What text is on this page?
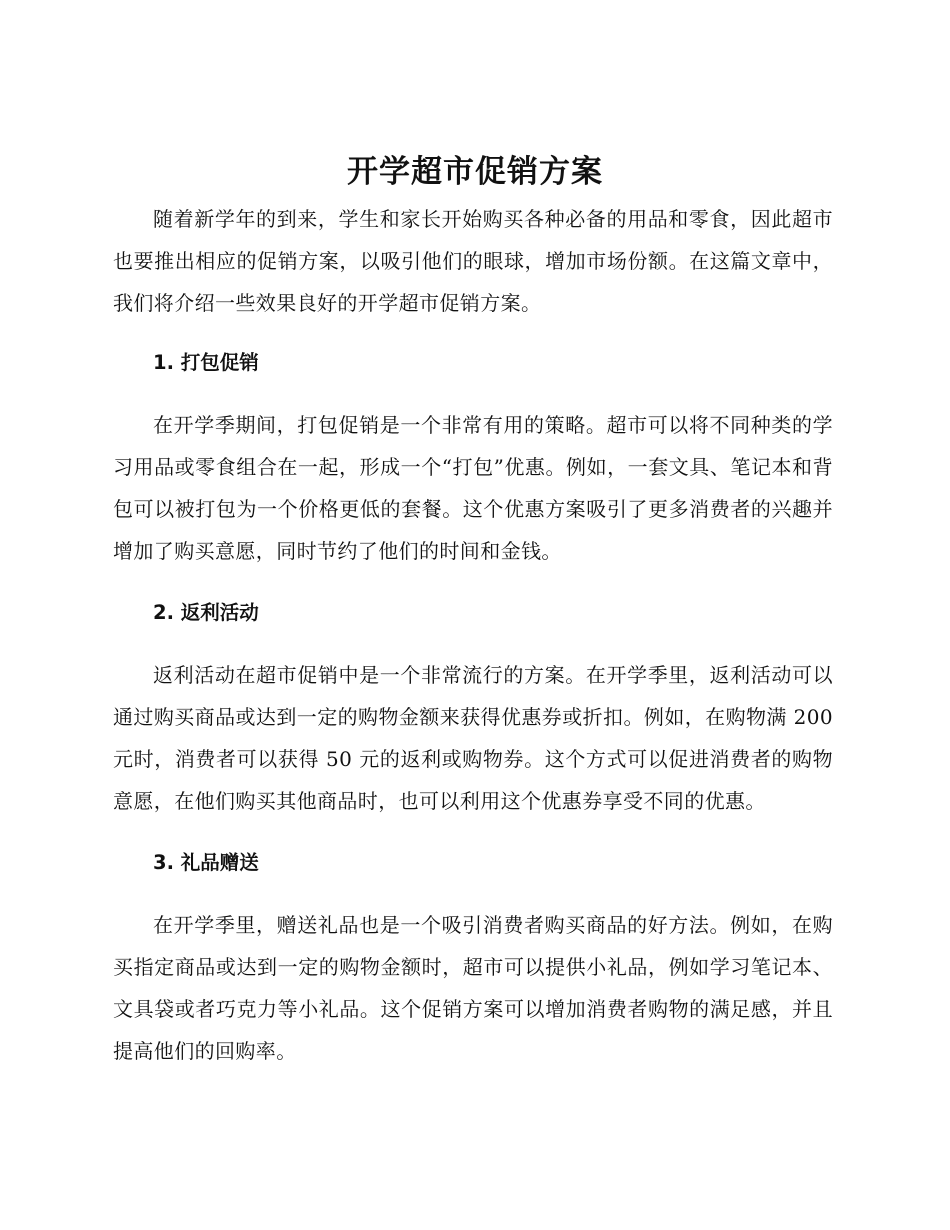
开学超市促销方案

随着新学年的到来，学生和家长开始购买各种必备的用品和零食，因此超市也要推出相应的促销方案，以吸引他们的眼球，增加市场份额。在这篇文章中，我们将介绍一些效果良好的开学超市促销方案。

1. 打包促销

在开学季期间，打包促销是一个非常有用的策略。超市可以将不同种类的学习用品或零食组合在一起，形成一个“打包”优惠。例如，一套文具、笔记本和背包可以被打包为一个价格更低的套餐。这个优惠方案吸引了更多消费者的兴趣并增加了购买意愿，同时节约了他们的时间和金钱。

2. 返利活动

返利活动在超市促销中是一个非常流行的方案。在开学季里，返利活动可以通过购买商品或达到一定的购物金额来获得优惠券或折扣。例如，在购物满 200 元时，消费者可以获得 50 元的返利或购物券。这个方式可以促进消费者的购物意愿，在他们购买其他商品时，也可以利用这个优惠券享受不同的优惠。

3. 礼品赠送

在开学季里，赠送礼品也是一个吸引消费者购买商品的好方法。例如，在购买指定商品或达到一定的购物金额时，超市可以提供小礼品，例如学习笔记本、文具袋或者巧克力等小礼品。这个促销方案可以增加消费者购物的满足感，并且提高他们的回购率。
